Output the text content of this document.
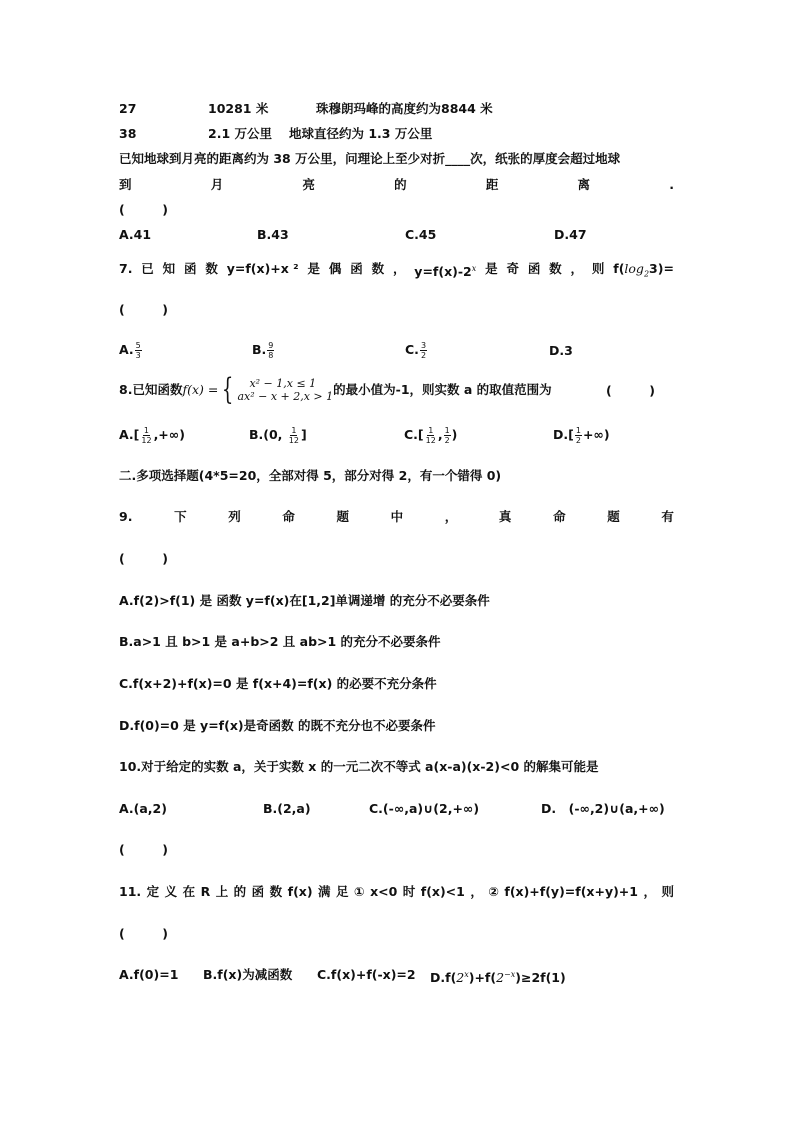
27	10281 米	珠穆朗玛峰的高度约为8844 米
38	2.1 万公里 地球直径约为 1.3 万公里
已知地球到月亮的距离约为 38 万公里，问理论上至少对折____次，纸张的厚度会超过地球
到	月	亮	的	距	离	.
(　　　)
A.41	B.43	C.45	D.47
7. 已 知 函 数 y=f(x)+x ² 是 偶 函 数 ， $y=f(x)-2^x$ 是 奇 函 数 ， 则 $f(\log_23)=$
(　　　)
A. $\frac{5}{3}$	B. $\frac{9}{8}$	C. $\frac{3}{2}$	D.3
8.已知函数 f(x) = {	x² − 1,x ≤ 1
ax² − x + 2,x > 1 的最小值为-1，则实数 a 的取值范围为	(　　　)
$A.[ \frac{1}{12}$ ,+∞)	B.(0, $\frac{1}{12}$ ]	$C.[ \frac{1}{12}$ , $\frac{1}{2}$ )	$D.[ \frac{1}{2}$ +∞)
二.多项选择题(4*5=20，全部对得 5，部分对得 2，有一个错得 0)
9.	下	列	命	题	中	，	真	命	题	有
(　　　)
A.f(2)>f(1) 是 函数 y=f(x)在[1,2]单调递增 的充分不必要条件
B.a>1 且 b>1 是 a+b>2 且 ab>1 的充分不必要条件
C.f(x+2)+f(x)=0 是 f(x+4)=f(x) 的必要不充分条件
D.f(0)=0 是 y=f(x)是奇函数 的既不充分也不必要条件
10.对于给定的实数 a，关于实数 x 的一元二次不等式 a(x-a)(x-2)<0 的解集可能是
A.(a,2)	B.(2,a)	C.(-∞,a)∪(2,+∞)	D.　(-∞,2)∪(a,+∞)
(　　　)
11. 定 义 在 R 上 的 函 数 f(x) 满 足 ① x<0 时 f(x)<1 ， ② f(x)+f(y)=f(x+y)+1 ， 则
(　　　)
A.f(0)=1 B.f(x)为减函数 C.f(x)+f(-x)=2 $D.f(2^x)+f(2^{-x})\ge 2f(1)$
